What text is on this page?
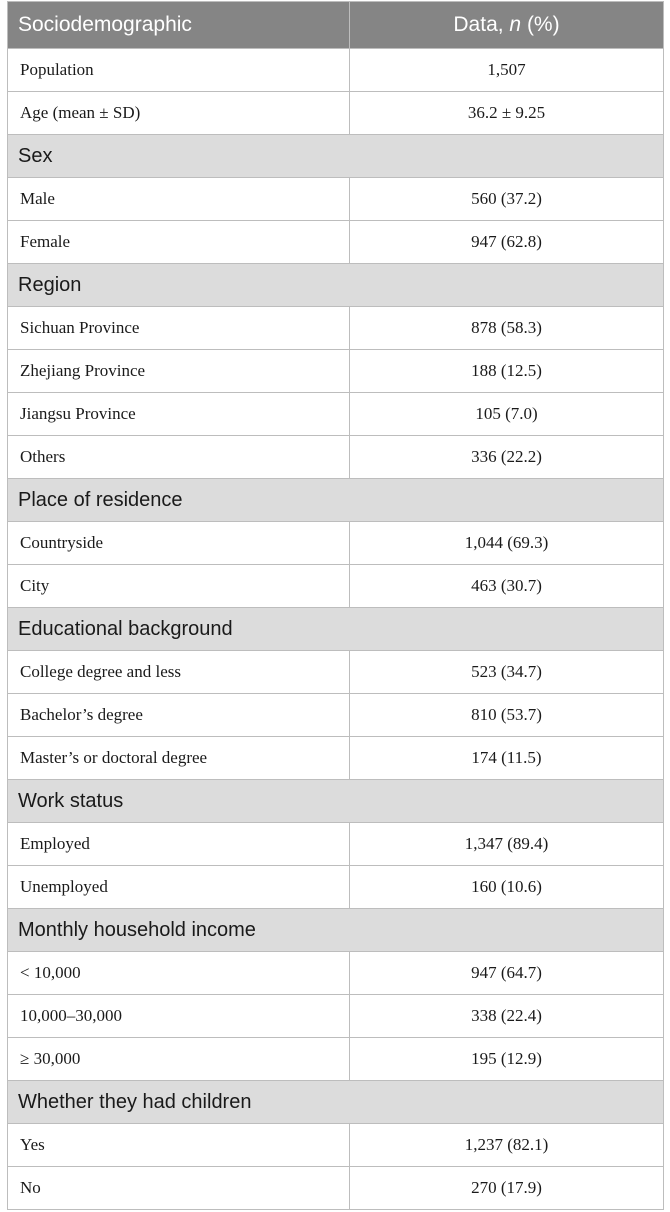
Sociodemographic	Data, n (%)
Population	1,507
Age (mean ± SD)	36.2 ± 9.25
Sex	
Male	560 (37.2)
Female	947 (62.8)
Region	
Sichuan Province	878 (58.3)
Zhejiang Province	188 (12.5)
Jiangsu Province	105 (7.0)
Others	336 (22.2)
Place of residence	
Countryside	1,044 (69.3)
City	463 (30.7)
Educational background	
College degree and less	523 (34.7)
Bachelor’s degree	810 (53.7)
Master’s or doctoral degree	174 (11.5)
Work status	
Employed	1,347 (89.4)
Unemployed	160 (10.6)
Monthly household income	
< 10,000	947 (64.7)
10,000–30,000	338 (22.4)
≥ 30,000	195 (12.9)
Whether they had children	
Yes	1,237 (82.1)
No	270 (17.9)
